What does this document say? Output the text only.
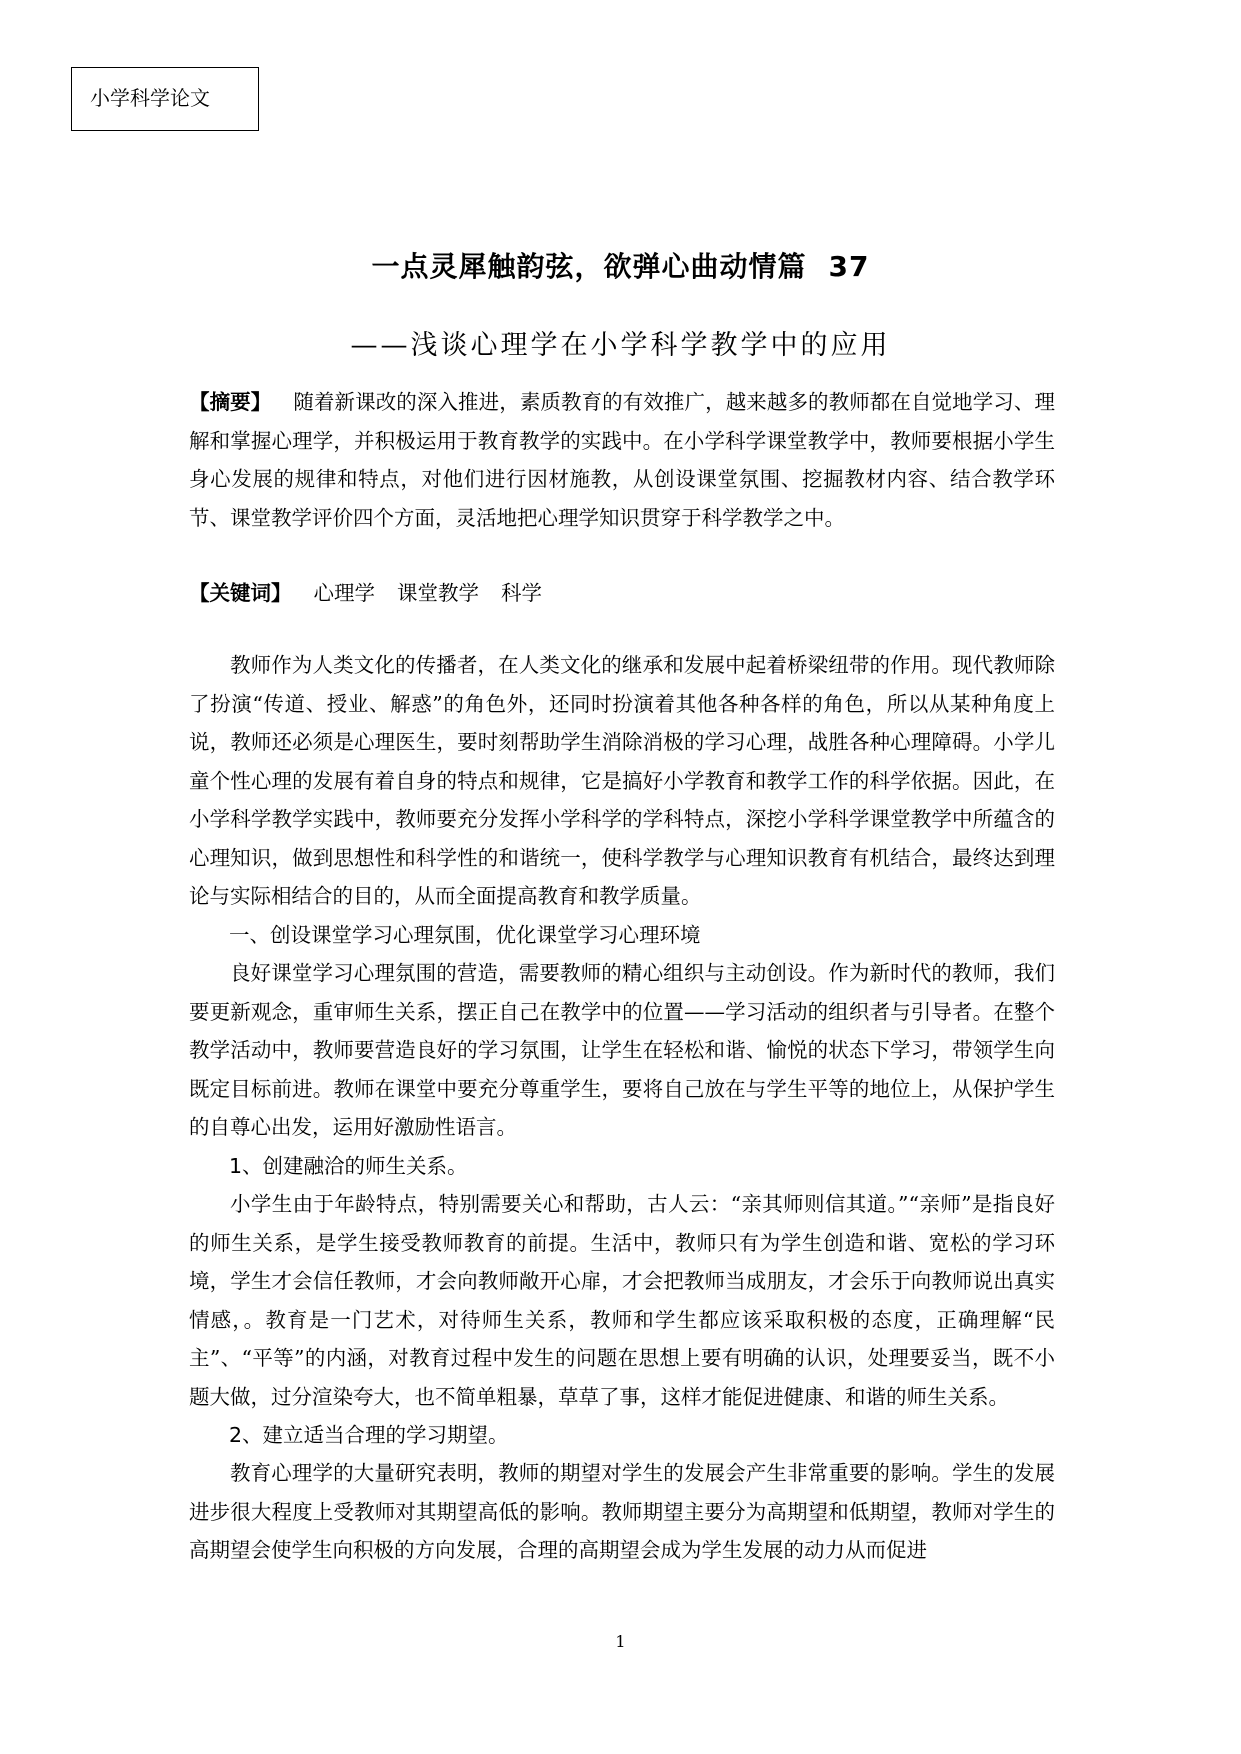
小学科学论文
一点灵犀触韵弦，欲弹心曲动情篇 37
——浅谈心理学在小学科学教学中的应用

【摘要】 随着新课改的深入推进，素质教育的有效推广，越来越多的教师都在自觉地学习、理解和掌握心理学，并积极运用于教育教学的实践中。在小学科学课堂教学中，教师要根据小学生身心发展的规律和特点，对他们进行因材施教，从创设课堂氛围、挖掘教材内容、结合教学环节、课堂教学评价四个方面，灵活地把心理学知识贯穿于科学教学之中。

【关键词】 心理学 课堂教学 科学

教师作为人类文化的传播者，在人类文化的继承和发展中起着桥梁纽带的作用。现代教师除了扮演“传道、授业、解惑”的角色外，还同时扮演着其他各种各样的角色，所以从某种角度上说，教师还必须是心理医生，要时刻帮助学生消除消极的学习心理，战胜各种心理障碍。小学儿童个性心理的发展有着自身的特点和规律，它是搞好小学教育和教学工作的科学依据。因此，在小学科学教学实践中，教师要充分发挥小学科学的学科特点，深挖小学科学课堂教学中所蕴含的心理知识，做到思想性和科学性的和谐统一，使科学教学与心理知识教育有机结合，最终达到理论与实际相结合的目的，从而全面提高教育和教学质量。

一、创设课堂学习心理氛围，优化课堂学习心理环境

良好课堂学习心理氛围的营造，需要教师的精心组织与主动创设。作为新时代的教师，我们要更新观念，重审师生关系，摆正自己在教学中的位置——学习活动的组织者与引导者。在整个教学活动中，教师要营造良好的学习氛围，让学生在轻松和谐、愉悦的状态下学习，带领学生向既定目标前进。教师在课堂中要充分尊重学生，要将自己放在与学生平等的地位上，从保护学生的自尊心出发，运用好激励性语言。

1、创建融洽的师生关系。

小学生由于年龄特点，特别需要关心和帮助，古人云：“亲其师则信其道。”“亲师”是指良好的师生关系，是学生接受教师教育的前提。生活中，教师只有为学生创造和谐、宽松的学习环境，学生才会信任教师，才会向教师敞开心扉，才会把教师当成朋友，才会乐于向教师说出真实情感，。教育是一门艺术，对待师生关系，教师和学生都应该采取积极的态度，正确理解“民主”、“平等”的内涵，对教育过程中发生的问题在思想上要有明确的认识，处理要妥当，既不小题大做，过分渲染夸大，也不简单粗暴，草草了事，这样才能促进健康、和谐的师生关系。

2、建立适当合理的学习期望。

教育心理学的大量研究表明，教师的期望对学生的发展会产生非常重要的影响。学生的发展进步很大程度上受教师对其期望高低的影响。教师期望主要分为高期望和低期望，教师对学生的高期望会使学生向积极的方向发展，合理的高期望会成为学生发展的动力从而促进

1
